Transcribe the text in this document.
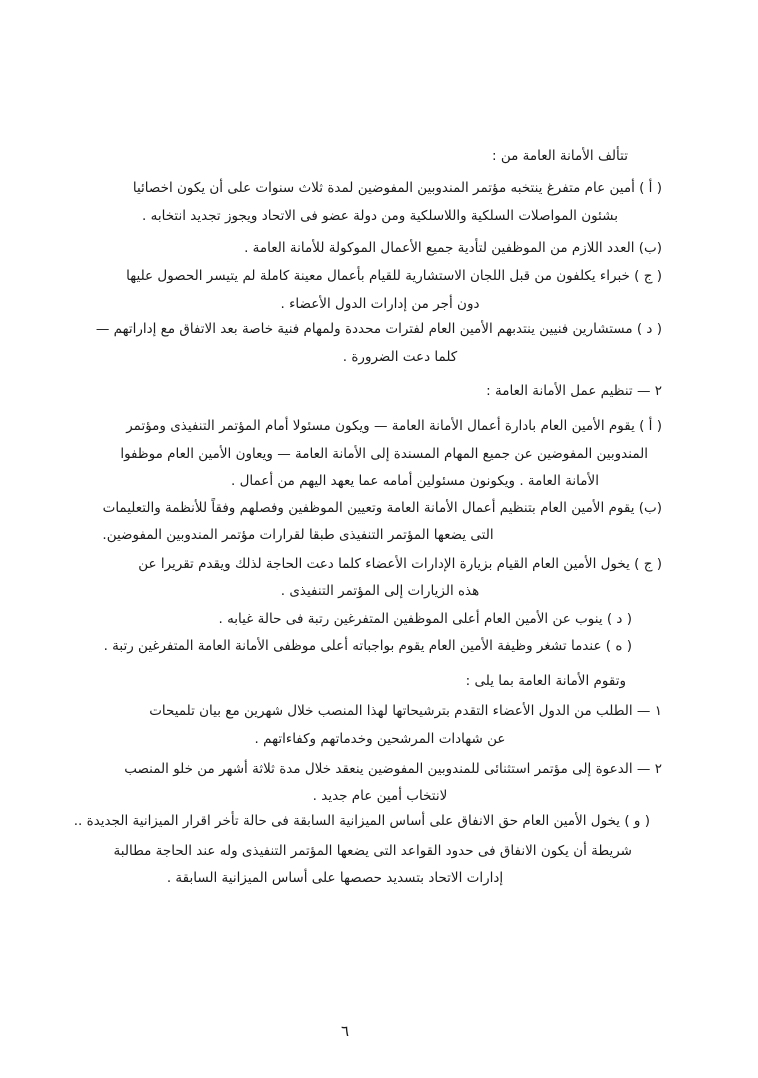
تتألف الأمانة العامة من :
( أ ) أمين عام متفرغ ينتخبه مؤتمر المندوبين المفوضين لمدة ثلاث سنوات على أن يكون اخصائيا
بشئون المواصلات السلكية واللاسلكية ومن دولة عضو فى الاتحاد ويجوز تجديد انتخابه .
(ب) العدد اللازم من الموظفين لتأدية جميع الأعمال الموكولة للأمانة العامة .
( ج ) خبراء يكلفون من قبل اللجان الاستشارية للقيام بأعمال معينة كاملة لم يتيسر الحصول عليها
دون أجر من إدارات الدول الأعضاء .
( د ) مستشارين فنيين ينتدبهم الأمين العام لفترات محددة ولمهام فنية خاصة بعد الاتفاق مع إداراتهم —
كلما دعت الضرورة .
٢ — تنظيم عمل الأمانة العامة :
( أ ) يقوم الأمين العام بادارة أعمال الأمانة العامة — ويكون مسئولا أمام المؤتمر التنفيذى ومؤتمر
المندوبين المفوضين عن جميع المهام المسندة إلى الأمانة العامة — ويعاون الأمين العام موظفوا
الأمانة العامة . ويكونون مسئولين أمامه عما يعهد اليهم من أعمال .
(ب) يقوم الأمين العام بتنظيم أعمال الأمانة العامة وتعيين الموظفين وفصلهم وفقاً للأنظمة والتعليمات
التى يضعها المؤتمر التنفيذى طبقا لقرارات مؤتمر المندوبين المفوضين.
( ج ) يخول الأمين العام القيام بزيارة الإدارات الأعضاء كلما دعت الحاجة لذلك ويقدم تقريرا عن
هذه الزيارات إلى المؤتمر التنفيذى .
( د ) ينوب عن الأمين العام أعلى الموظفين المتفرغين رتبة فى حالة غيابه .
( ه ) عندما تشغر وظيفة الأمين العام يقوم بواجباته أعلى موظفى الأمانة العامة المتفرغين رتبة .
وتقوم الأمانة العامة بما يلى :
١ — الطلب من الدول الأعضاء التقدم بترشيحاتها لهذا المنصب خلال شهرين مع بيان تلميحات
عن شهادات المرشحين وخدماتهم وكفاءاتهم .
٢ — الدعوة إلى مؤتمر استثنائى للمندوبين المفوضين ينعقد خلال مدة ثلاثة أشهر من خلو المنصب
لانتخاب أمين عام جديد .
( و ) يخول الأمين العام حق الانفاق على أساس الميزانية السابقة فى حالة تأخر اقرار الميزانية الجديدة ..
شريطة أن يكون الانفاق فى حدود القواعد التى يضعها المؤتمر التنفيذى وله عند الحاجة مطالبة
إدارات الاتحاد بتسديد حصصها على أساس الميزانية السابقة .
٦
